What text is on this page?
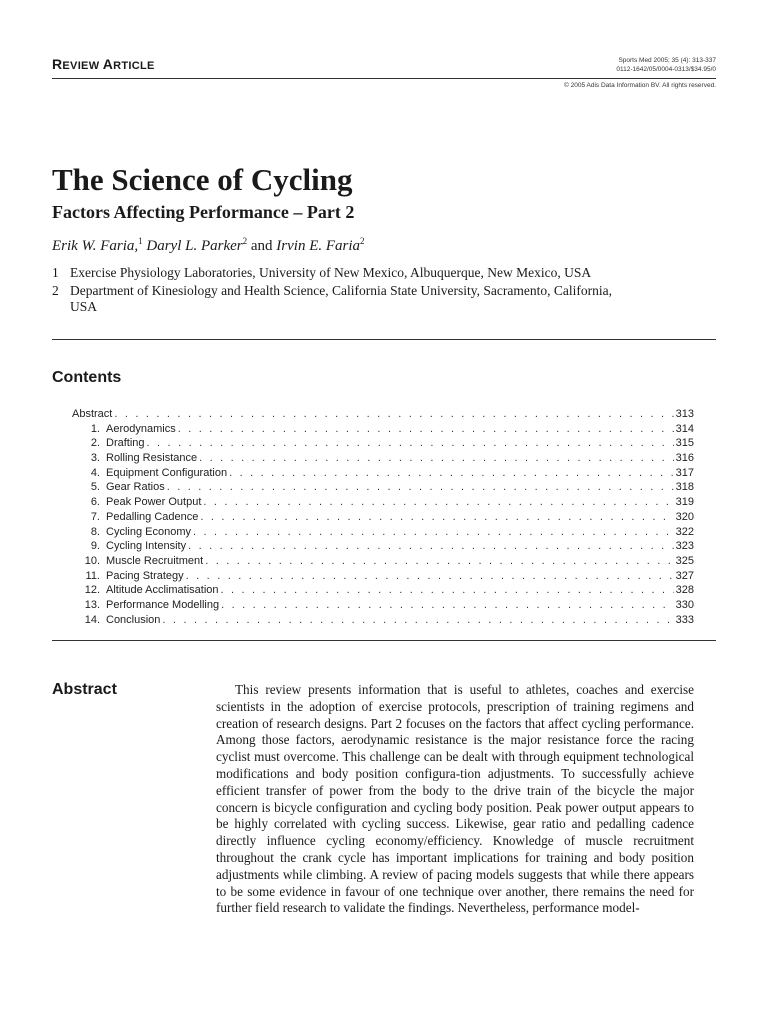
REVIEW ARTICLE	Sports Med 2005; 35 (4): 313-337
0112-1642/05/0004-0313/$34.95/0
© 2005 Adis Data Information BV. All rights reserved.
The Science of Cycling
Factors Affecting Performance – Part 2
Erik W. Faria,$^1$ Daryl L. Parker$^2$ and Irvin E. Faria$^2$
1 Exercise Physiology Laboratories, University of New Mexico, Albuquerque, New Mexico, USA
2 Department of Kinesiology and Health Science, California State University, Sacramento, California, USA
Contents
Abstract . . .	313
1. Aerodynamics . . .	314
2. Drafting . . .	315
3. Rolling Resistance . . .	316
4. Equipment Configuration . . .	317
5. Gear Ratios . . .	318
6. Peak Power Output . . .	319
7. Pedalling Cadence . . .	320
8. Cycling Economy . . .	322
9. Cycling Intensity . . .	323
10. Muscle Recruitment . . .	325
11. Pacing Strategy . . .	327
12. Altitude Acclimatisation . . .	328
13. Performance Modelling . . .	330
14. Conclusion . . .	333
Abstract	This review presents information that is useful to athletes, coaches and exercise scientists in the adoption of exercise protocols, prescription of training regimens and creation of research designs. Part 2 focuses on the factors that affect cycling performance. Among those factors, aerodynamic resistance is the major resistance force the racing cyclist must overcome. This challenge can be dealt with through equipment technological modifications and body position configura-tion adjustments. To successfully achieve efficient transfer of power from the body to the drive train of the bicycle the major concern is bicycle configuration and cycling body position. Peak power output appears to be highly correlated with cycling success. Likewise, gear ratio and pedalling cadence directly influence cycling economy/efficiency. Knowledge of muscle recruitment throughout the crank cycle has important implications for training and body position adjustments while climbing. A review of pacing models suggests that while there appears to be some evidence in favour of one technique over another, there remains the need for further field research to validate the findings. Nevertheless, performance model-
